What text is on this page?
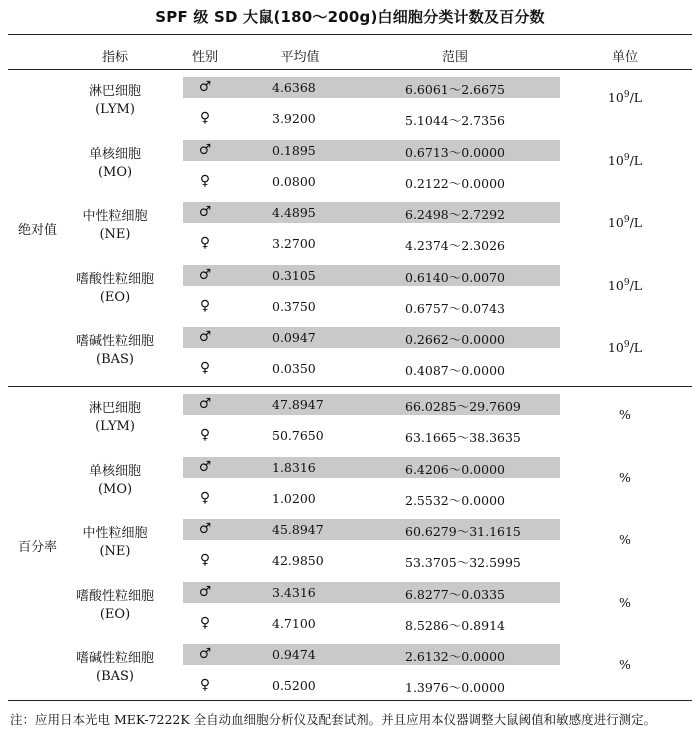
SPF 级 SD 大鼠(180～200g)白细胞分类计数及百分数
指标	性别	平均值	范围	单位
绝对值
淋巴细胞
(LYM)
$10^9/L$
♂	4.6368	6.6061～2.6675
♀	3.9200	5.1044～2.7356
单核细胞
(MO)
$10^9/L$
♂	0.1895	0.6713～0.0000
♀	0.0800	0.2122～0.0000
中性粒细胞
(NE)
$10^9/L$
♂	4.4895	6.2498～2.7292
♀	3.2700	4.2374～2.3026
嗜酸性粒细胞
(EO)
$10^9/L$
♂	0.3105	0.6140～0.0070
♀	0.3750	0.6757～0.0743
嗜碱性粒细胞
(BAS)
$10^9/L$
♂	0.0947	0.2662～0.0000
♀	0.0350	0.4087～0.0000
百分率
淋巴细胞
(LYM)
%
♂	47.8947	66.0285～29.7609
♀	50.7650	63.1665～38.3635
单核细胞
(MO)
%
♂	1.8316	6.4206～0.0000
♀	1.0200	2.5532～0.0000
中性粒细胞
(NE)
%
♂	45.8947	60.6279～31.1615
♀	42.9850	53.3705～32.5995
嗜酸性粒细胞
(EO)
%
♂	3.4316	6.8277～0.0335
♀	4.7100	8.5286～0.8914
嗜碱性粒细胞
(BAS)
%
♂	0.9474	2.6132～0.0000
♀	0.5200	1.3976～0.0000
注：应用日本光电 MEK-7222K 全自动血细胞分析仪及配套试剂。并且应用本仪器调整大鼠阈值和敏感度进行测定。
